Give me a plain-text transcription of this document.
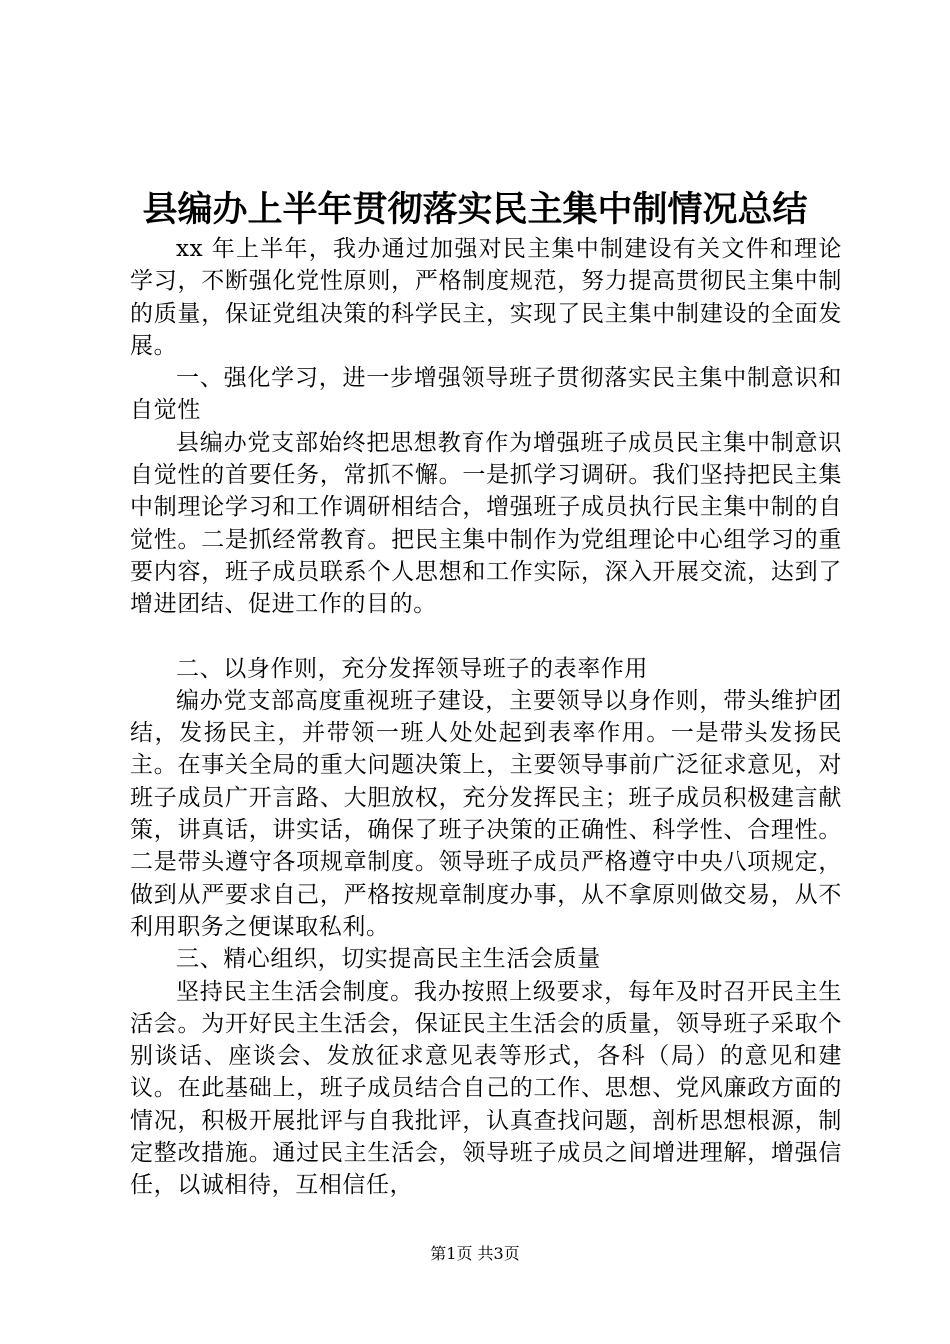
县编办上半年贯彻落实民主集中制情况总结

xx 年上半年，我办通过加强对民主集中制建设有关文件和理论学习，不断强化党性原则，严格制度规范，努力提高贯彻民主集中制的质量，保证党组决策的科学民主，实现了民主集中制建设的全面发展。

一、强化学习，进一步增强领导班子贯彻落实民主集中制意识和自觉性

县编办党支部始终把思想教育作为增强班子成员民主集中制意识自觉性的首要任务，常抓不懈。一是抓学习调研。我们坚持把民主集中制理论学习和工作调研相结合，增强班子成员执行民主集中制的自觉性。二是抓经常教育。把民主集中制作为党组理论中心组学习的重要内容，班子成员联系个人思想和工作实际，深入开展交流，达到了增进团结、促进工作的目的。

二、以身作则，充分发挥领导班子的表率作用

编办党支部高度重视班子建设，主要领导以身作则，带头维护团结，发扬民主，并带领一班人处处起到表率作用。一是带头发扬民主。在事关全局的重大问题决策上，主要领导事前广泛征求意见，对班子成员广开言路、大胆放权，充分发挥民主；班子成员积极建言献策，讲真话，讲实话，确保了班子决策的正确性、科学性、合理性。二是带头遵守各项规章制度。领导班子成员严格遵守中央八项规定，做到从严要求自己，严格按规章制度办事，从不拿原则做交易，从不利用职务之便谋取私利。

三、精心组织，切实提高民主生活会质量

坚持民主生活会制度。我办按照上级要求，每年及时召开民主生活会。为开好民主生活会，保证民主生活会的质量，领导班子采取个别谈话、座谈会、发放征求意见表等形式，各科（局）的意见和建议。在此基础上，班子成员结合自己的工作、思想、党风廉政方面的情况，积极开展批评与自我批评，认真查找问题，剖析思想根源，制定整改措施。通过民主生活会，领导班子成员之间增进理解，增强信任，以诚相待，互相信任，

第1页 共3页
